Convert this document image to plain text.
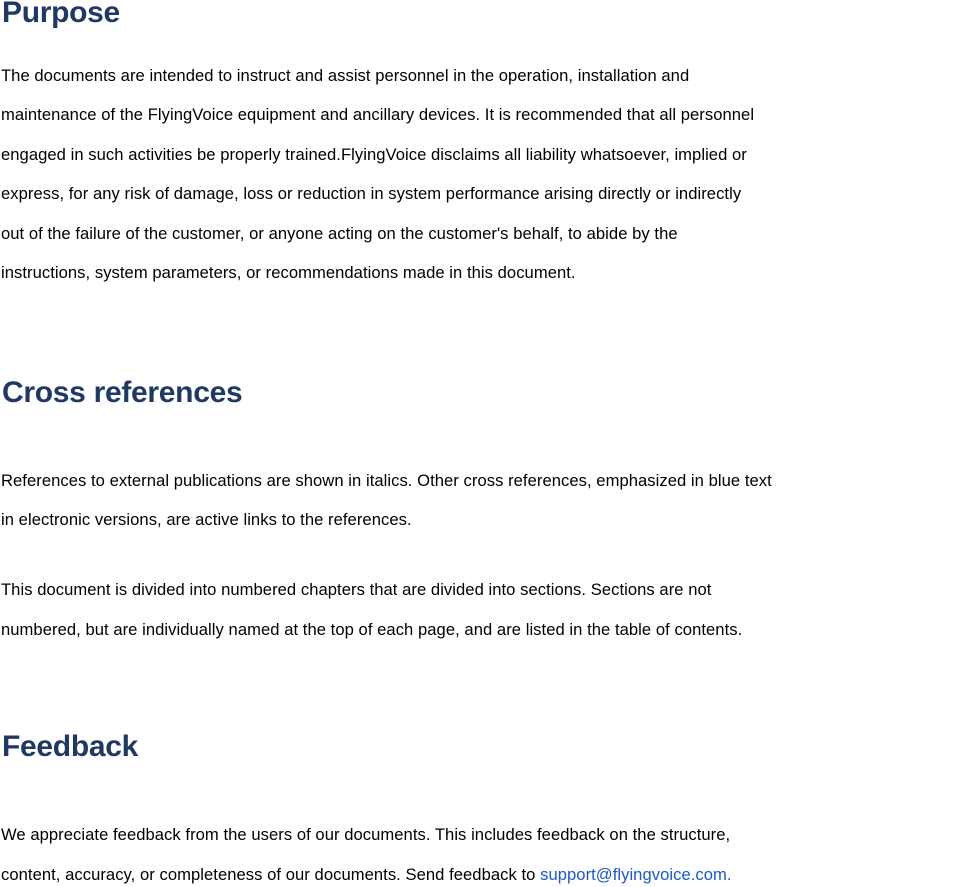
Purpose

The documents are intended to instruct and assist personnel in the operation, installation and

maintenance of the FlyingVoice equipment and ancillary devices. It is recommended that all personnel

engaged in such activities be properly trained.FlyingVoice disclaims all liability whatsoever, implied or

express, for any risk of damage, loss or reduction in system performance arising directly or indirectly

out of the failure of the customer, or anyone acting on the customer's behalf, to abide by the

instructions, system parameters, or recommendations made in this document.

Cross references

References to external publications are shown in italics. Other cross references, emphasized in blue text

in electronic versions, are active links to the references.

This document is divided into numbered chapters that are divided into sections. Sections are not

numbered, but are individually named at the top of each page, and are listed in the table of contents.

Feedback

We appreciate feedback from the users of our documents. This includes feedback on the structure,

content, accuracy, or completeness of our documents. Send feedback to support@flyingvoice.com.
